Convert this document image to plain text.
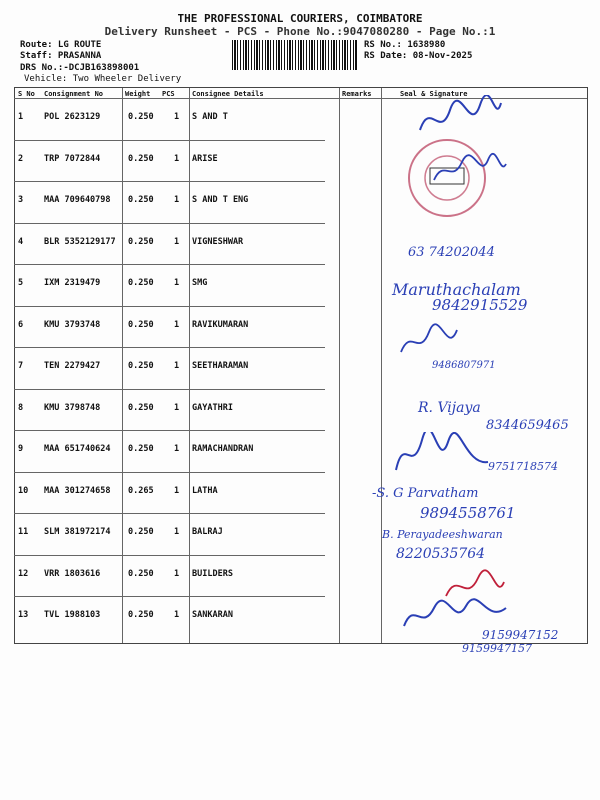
THE PROFESSIONAL COURIERS, COIMBATORE
Delivery Runsheet - PCS - Phone No.:9047080280 - Page No.:1
Route: LG ROUTE
Staff: PRASANNA
DRS No.:-DCJB163898001
Vehicle: Two Wheeler Delivery
RS No.: 1638980
RS Date: 08-Nov-2025
S No Consignment No	Weight PCS Consignee Details	Remarks	Seal & Signature
1 POL 2623129	0.250 1 S AND T
2 TRP 7072844	0.250 1 ARISE
3 MAA 709640798 0.250 1 S AND T ENG
4 BLR 5352129177 0.250 1 VIGNESHWAR
5 IXM 2319479	0.250 1 SMG
6 KMU 3793748	0.250 1 RAVIKUMARAN
7 TEN 2279427	0.250 1 SEETHARAMAN
8 KMU 3798748	0.250 1 GAYATHRI
9 MAA 651740624 0.250 1 RAMACHANDRAN
10 MAA 301274658 0.265 1 LATHA
11 SLM 381972174 0.250 1 BALRAJ
12 VRR 1803616	0.250 1 BUILDERS
13 TVL 1988103	0.250 1 SANKARAN
63 74202044
Maruthachalam
9842915529
9486807971
R. Vijaya
8344659465
9751718574
-S. G Parvatham
9894558761
B. Perayadeeshwaran
8220535764
9159947152
9159947157
